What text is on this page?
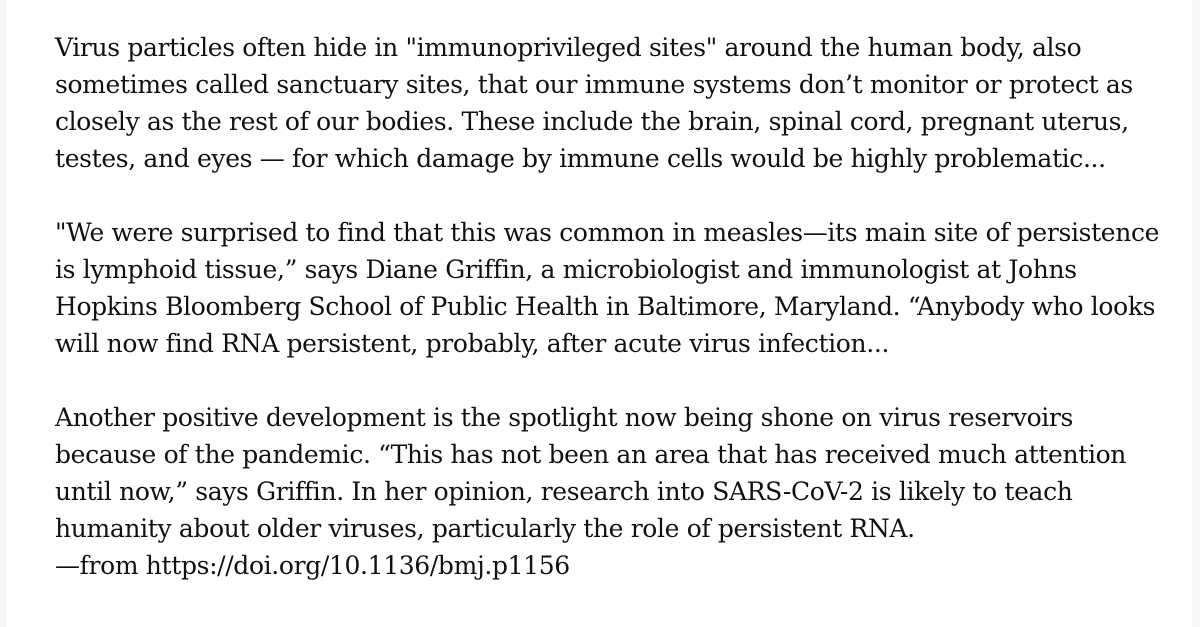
Virus particles often hide in "immunoprivileged sites" around the human body, also sometimes called sanctuary sites, that our immune systems don’t monitor or protect as closely as the rest of our bodies. These include the brain, spinal cord, pregnant uterus, testes, and eyes — for which damage by immune cells would be highly problematic...

"We were surprised to find that this was common in measles—its main site of persistence is lymphoid tissue,” says Diane Griffin, a microbiologist and immunologist at Johns Hopkins Bloomberg School of Public Health in Baltimore, Maryland. “Anybody who looks will now find RNA persistent, probably, after acute virus infection...

Another positive development is the spotlight now being shone on virus reservoirs because of the pandemic. “This has not been an area that has received much attention until now,” says Griffin. In her opinion, research into SARS-CoV-2 is likely to teach humanity about older viruses, particularly the role of persistent RNA.

—from https://doi.org/10.1136/bmj.p1156
